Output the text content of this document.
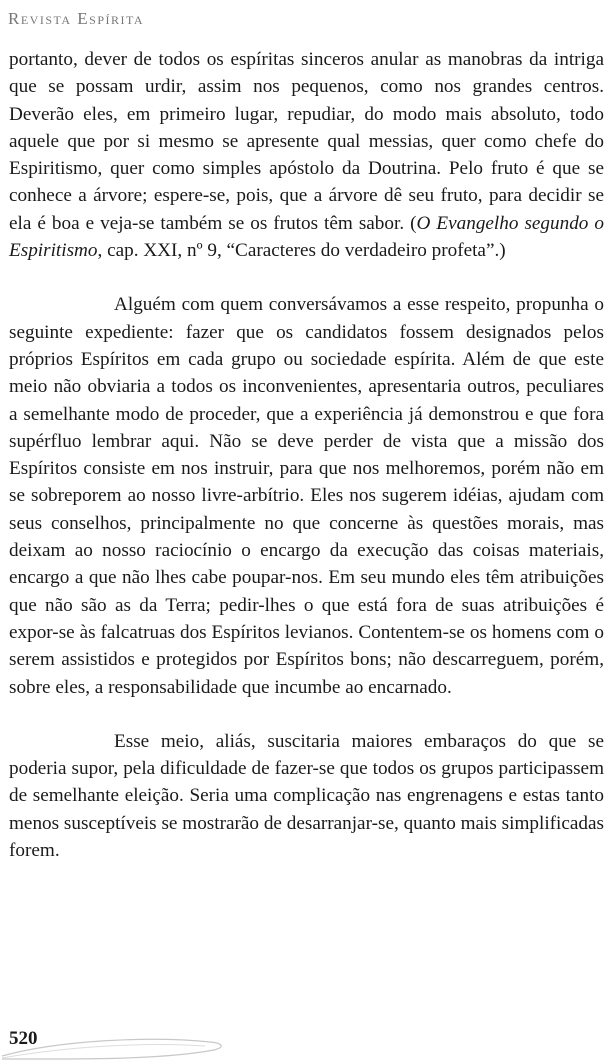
Revista Espírita

portanto, dever de todos os espíritas sinceros anular as manobras da intriga que se possam urdir, assim nos pequenos, como nos grandes centros. Deverão eles, em primeiro lugar, repudiar, do modo mais absoluto, todo aquele que por si mesmo se apresente qual messias, quer como chefe do Espiritismo, quer como simples apóstolo da Doutrina. Pelo fruto é que se conhece a árvore; espere-se, pois, que a árvore dê seu fruto, para decidir se ela é boa e veja-se também se os frutos têm sabor. (O Evangelho segundo o Espiritismo, cap. XXI, nº 9, “Caracteres do verdadeiro profeta”.)

Alguém com quem conversávamos a esse respeito, propunha o seguinte expediente: fazer que os candidatos fossem designados pelos próprios Espíritos em cada grupo ou sociedade espírita. Além de que este meio não obviaria a todos os inconvenientes, apresentaria outros, peculiares a semelhante modo de proceder, que a experiência já demonstrou e que fora supérfluo lembrar aqui. Não se deve perder de vista que a missão dos Espíritos consiste em nos instruir, para que nos melhoremos, porém não em se sobreporem ao nosso livre-arbítrio. Eles nos sugerem idéias, ajudam com seus conselhos, principalmente no que concerne às questões morais, mas deixam ao nosso raciocínio o encargo da execução das coisas materiais, encargo a que não lhes cabe poupar-nos. Em seu mundo eles têm atribuições que não são as da Terra; pedir-lhes o que está fora de suas atribuições é expor-se às falcatruas dos Espíritos levianos. Contentem-se os homens com o serem assistidos e protegidos por Espíritos bons; não descarreguem, porém, sobre eles, a responsabilidade que incumbe ao encarnado.

Esse meio, aliás, suscitaria maiores embaraços do que se poderia supor, pela dificuldade de fazer-se que todos os grupos participassem de semelhante eleição. Seria uma complicação nas engrenagens e estas tanto menos susceptíveis se mostrarão de desarranjar-se, quanto mais simplificadas forem.

520
